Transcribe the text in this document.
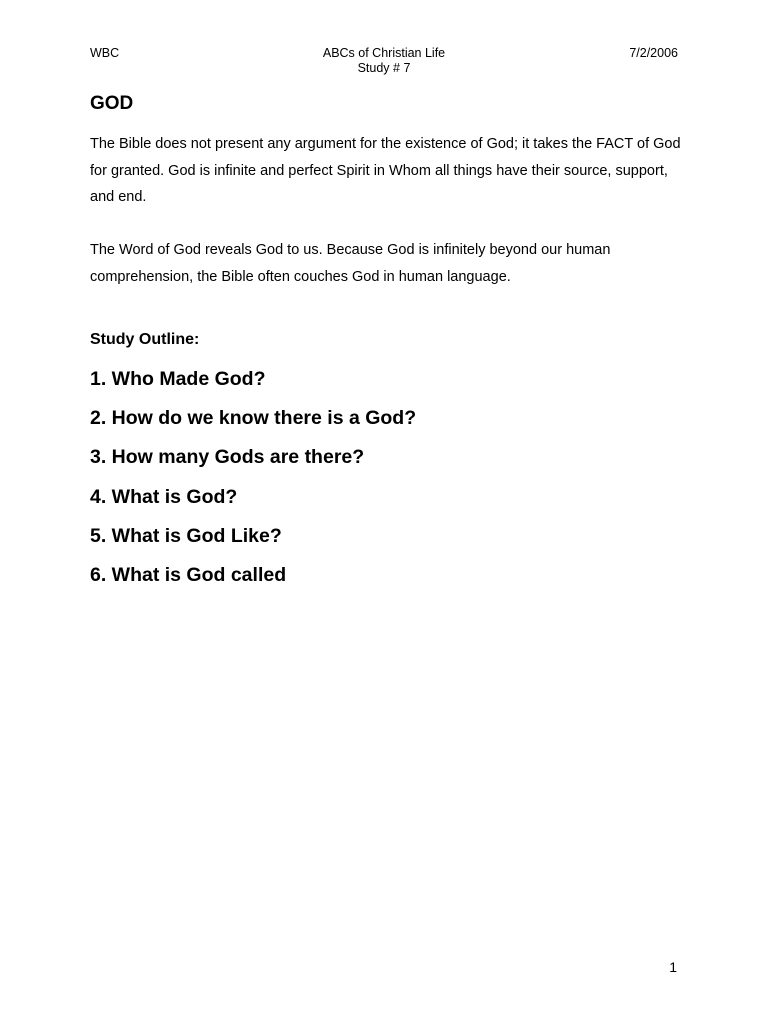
WBC	ABCs of Christian Life
Study # 7
7/2/2006
GOD

The Bible does not present any argument for the existence of God; it takes the FACT of God for granted. God is infinite and perfect Spirit in Whom all things have their source, support, and end.

The Word of God reveals God to us. Because God is infinitely beyond our human comprehension, the Bible often couches God in human language.

Study Outline:
1. Who Made God?
2. How do we know there is a God?
3. How many Gods are there?
4. What is God?
5. What is God Like?
6. What is God called
1
